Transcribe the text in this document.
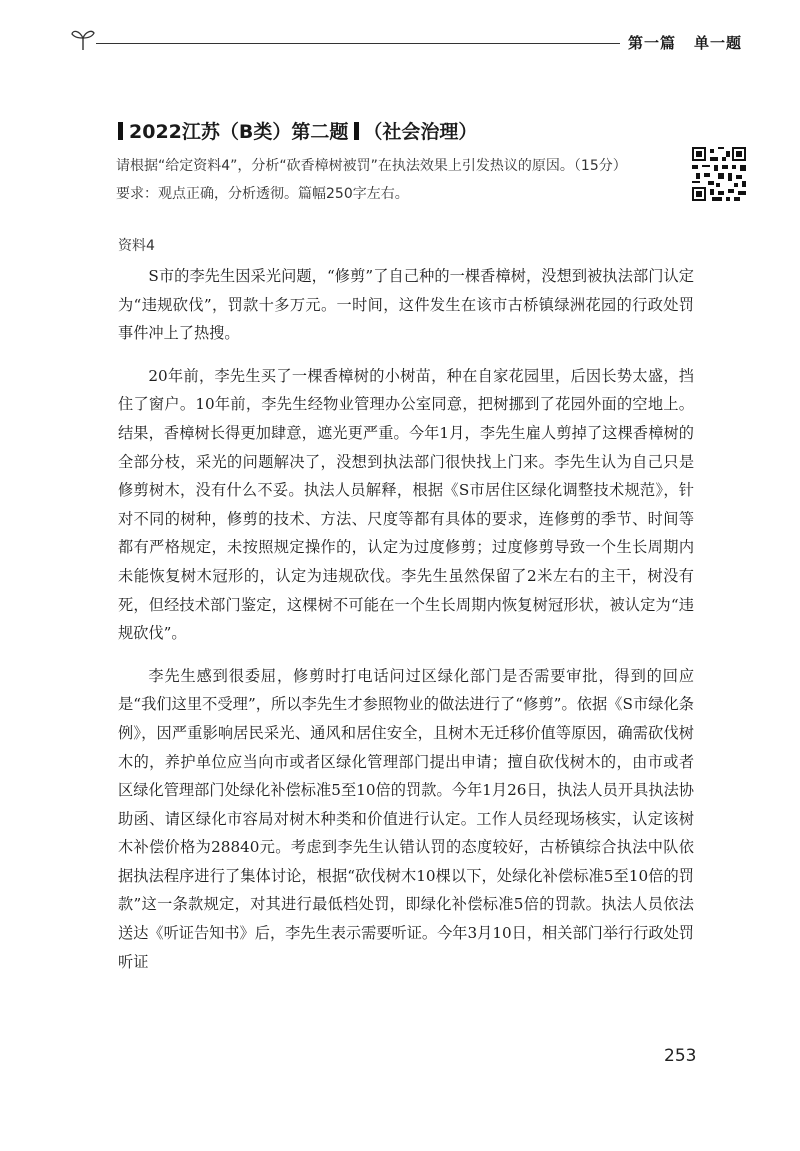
第一篇 单一题
2022江苏（B类）第二题 （社会治理）
请根据“给定资料4”，分析“砍香樟树被罚”在执法效果上引发热议的原因。（15分）
要求：观点正确，分析透彻。篇幅250字左右。
资料4

S市的李先生因采光问题，“修剪”了自己种的一棵香樟树，没想到被执法部门认定为“违规砍伐”，罚款十多万元。一时间，这件发生在该市古桥镇绿洲花园的行政处罚事件冲上了热搜。

20年前，李先生买了一棵香樟树的小树苗，种在自家花园里，后因长势太盛，挡住了窗户。10年前，李先生经物业管理办公室同意，把树挪到了花园外面的空地上。结果，香樟树长得更加肆意，遮光更严重。今年1月，李先生雇人剪掉了这棵香樟树的全部分枝，采光的问题解决了，没想到执法部门很快找上门来。李先生认为自己只是修剪树木，没有什么不妥。执法人员解释，根据《S市居住区绿化调整技术规范》，针对不同的树种，修剪的技术、方法、尺度等都有具体的要求，连修剪的季节、时间等都有严格规定，未按照规定操作的，认定为过度修剪；过度修剪导致一个生长周期内未能恢复树木冠形的，认定为违规砍伐。李先生虽然保留了2米左右的主干，树没有死，但经技术部门鉴定，这棵树不可能在一个生长周期内恢复树冠形状，被认定为“违规砍伐”。

李先生感到很委屈，修剪时打电话问过区绿化部门是否需要审批，得到的回应是“我们这里不受理”，所以李先生才参照物业的做法进行了“修剪”。依据《S市绿化条例》，因严重影响居民采光、通风和居住安全，且树木无迁移价值等原因，确需砍伐树木的，养护单位应当向市或者区绿化管理部门提出申请；擅自砍伐树木的，由市或者区绿化管理部门处绿化补偿标准5至10倍的罚款。今年1月26日，执法人员开具执法协助函、请区绿化市容局对树木种类和价值进行认定。工作人员经现场核实，认定该树木补偿价格为28840元。考虑到李先生认错认罚的态度较好，古桥镇综合执法中队依据执法程序进行了集体讨论，根据“砍伐树木10棵以下，处绿化补偿标准5至10倍的罚款”这一条款规定，对其进行最低档处罚，即绿化补偿标准5倍的罚款。执法人员依法送达《听证告知书》后，李先生表示需要听证。今年3月10日，相关部门举行行政处罚听证

253
